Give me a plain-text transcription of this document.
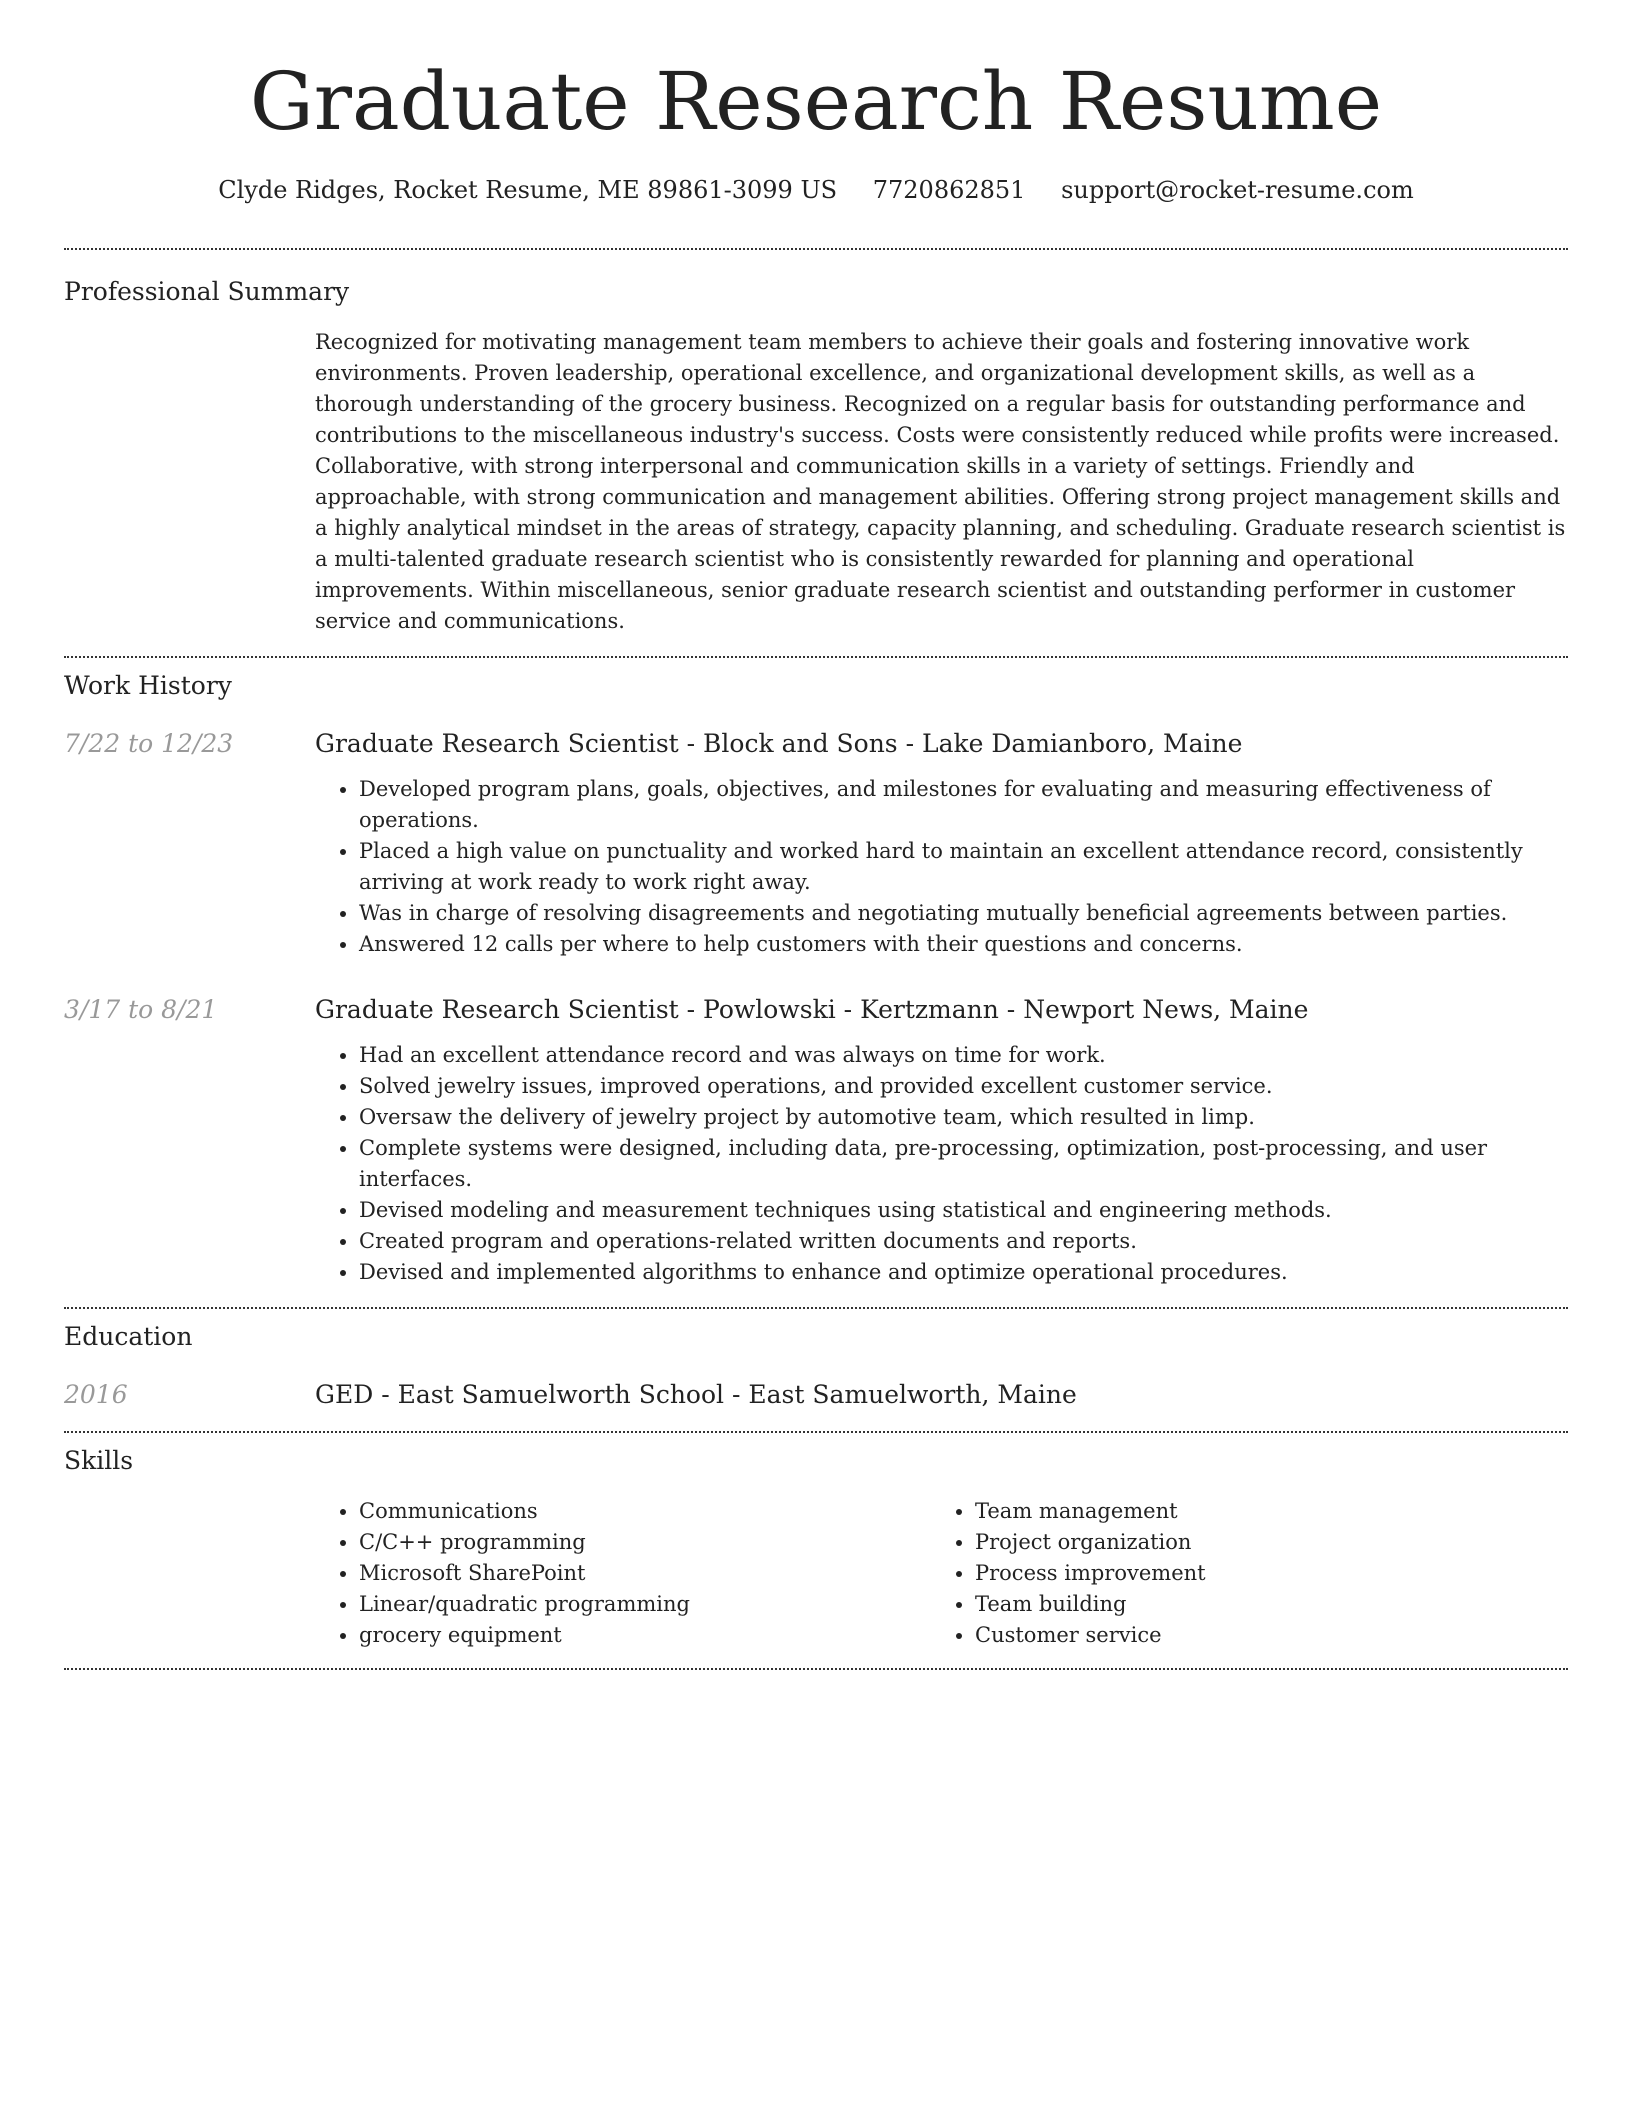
Graduate Research Resume
Clyde Ridges, Rocket Resume, ME 89861-3099 US 7720862851 support@rocket-resume.com
Professional Summary

Recognized for motivating management team members to achieve their goals and fostering innovative work environments. Proven leadership, operational excellence, and organizational development skills, as well as a thorough understanding of the grocery business. Recognized on a regular basis for outstanding performance and contributions to the miscellaneous industry's success. Costs were consistently reduced while profits were increased. Collaborative, with strong interpersonal and communication skills in a variety of settings. Friendly and approachable, with strong communication and management abilities. Offering strong project management skills and a highly analytical mindset in the areas of strategy, capacity planning, and scheduling. Graduate research scientist is a multi-talented graduate research scientist who is consistently rewarded for planning and operational improvements. Within miscellaneous, senior graduate research scientist and outstanding performer in customer service and communications.

Work History
7/22 to 12/23	Graduate Research Scientist - Block and Sons - Lake Damianboro, Maine
• Developed program plans, goals, objectives, and milestones for evaluating and measuring effectiveness of operations.
• Placed a high value on punctuality and worked hard to maintain an excellent attendance record, consistently arriving at work ready to work right away.
• Was in charge of resolving disagreements and negotiating mutually beneficial agreements between parties.
• Answered 12 calls per where to help customers with their questions and concerns.
3/17 to 8/21	Graduate Research Scientist - Powlowski - Kertzmann - Newport News, Maine
• Had an excellent attendance record and was always on time for work.
• Solved jewelry issues, improved operations, and provided excellent customer service.
• Oversaw the delivery of jewelry project by automotive team, which resulted in limp.
• Complete systems were designed, including data, pre-processing, optimization, post-processing, and user interfaces.
• Devised modeling and measurement techniques using statistical and engineering methods.
• Created program and operations-related written documents and reports.
• Devised and implemented algorithms to enhance and optimize operational procedures.
Education
2016	GED - East Samuelworth School - East Samuelworth, Maine
Skills
• Communications
• C/C++ programming
• Microsoft SharePoint
• Linear/quadratic programming
• grocery equipment
• Team management
• Project organization
• Process improvement
• Team building
• Customer service
